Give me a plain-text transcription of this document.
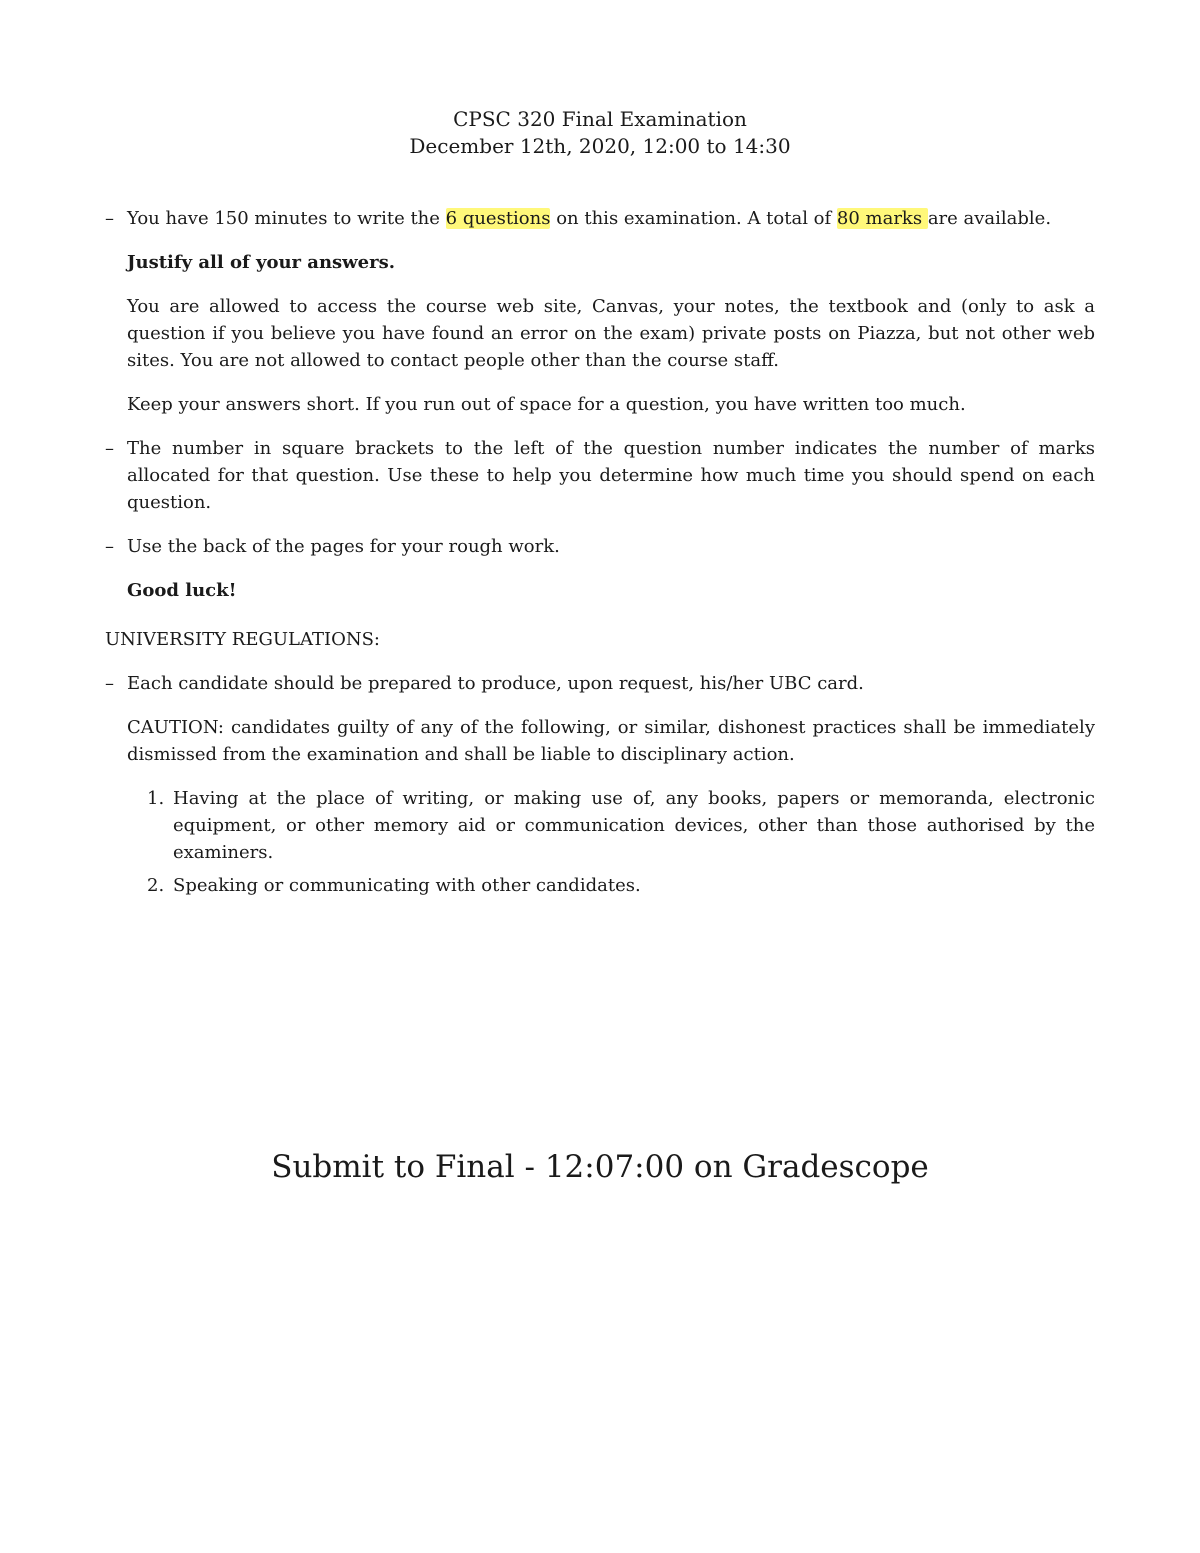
CPSC 320 Final Examination
December 12th, 2020, 12:00 to 14:30
– You have 150 minutes to write the 6 questions on this examination. A total of 80 marks are available.
Justify all of your answers.
You are allowed to access the course web site, Canvas, your notes, the textbook and (only to ask a question if you believe you have found an error on the exam) private posts on Piazza, but not other web sites. You are not allowed to contact people other than the course staff.
Keep your answers short. If you run out of space for a question, you have written too much.
– The number in square brackets to the left of the question number indicates the number of marks allocated for that question. Use these to help you determine how much time you should spend on each question.
– Use the back of the pages for your rough work.
Good luck!
UNIVERSITY REGULATIONS:
– Each candidate should be prepared to produce, upon request, his/her UBC card.
CAUTION: candidates guilty of any of the following, or similar, dishonest practices shall be immediately dismissed from the examination and shall be liable to disciplinary action.
1. Having at the place of writing, or making use of, any books, papers or memoranda, electronic equipment, or other memory aid or communication devices, other than those authorised by the examiners.
2. Speaking or communicating with other candidates.
Submit to Final - 12:07:00 on Gradescope
